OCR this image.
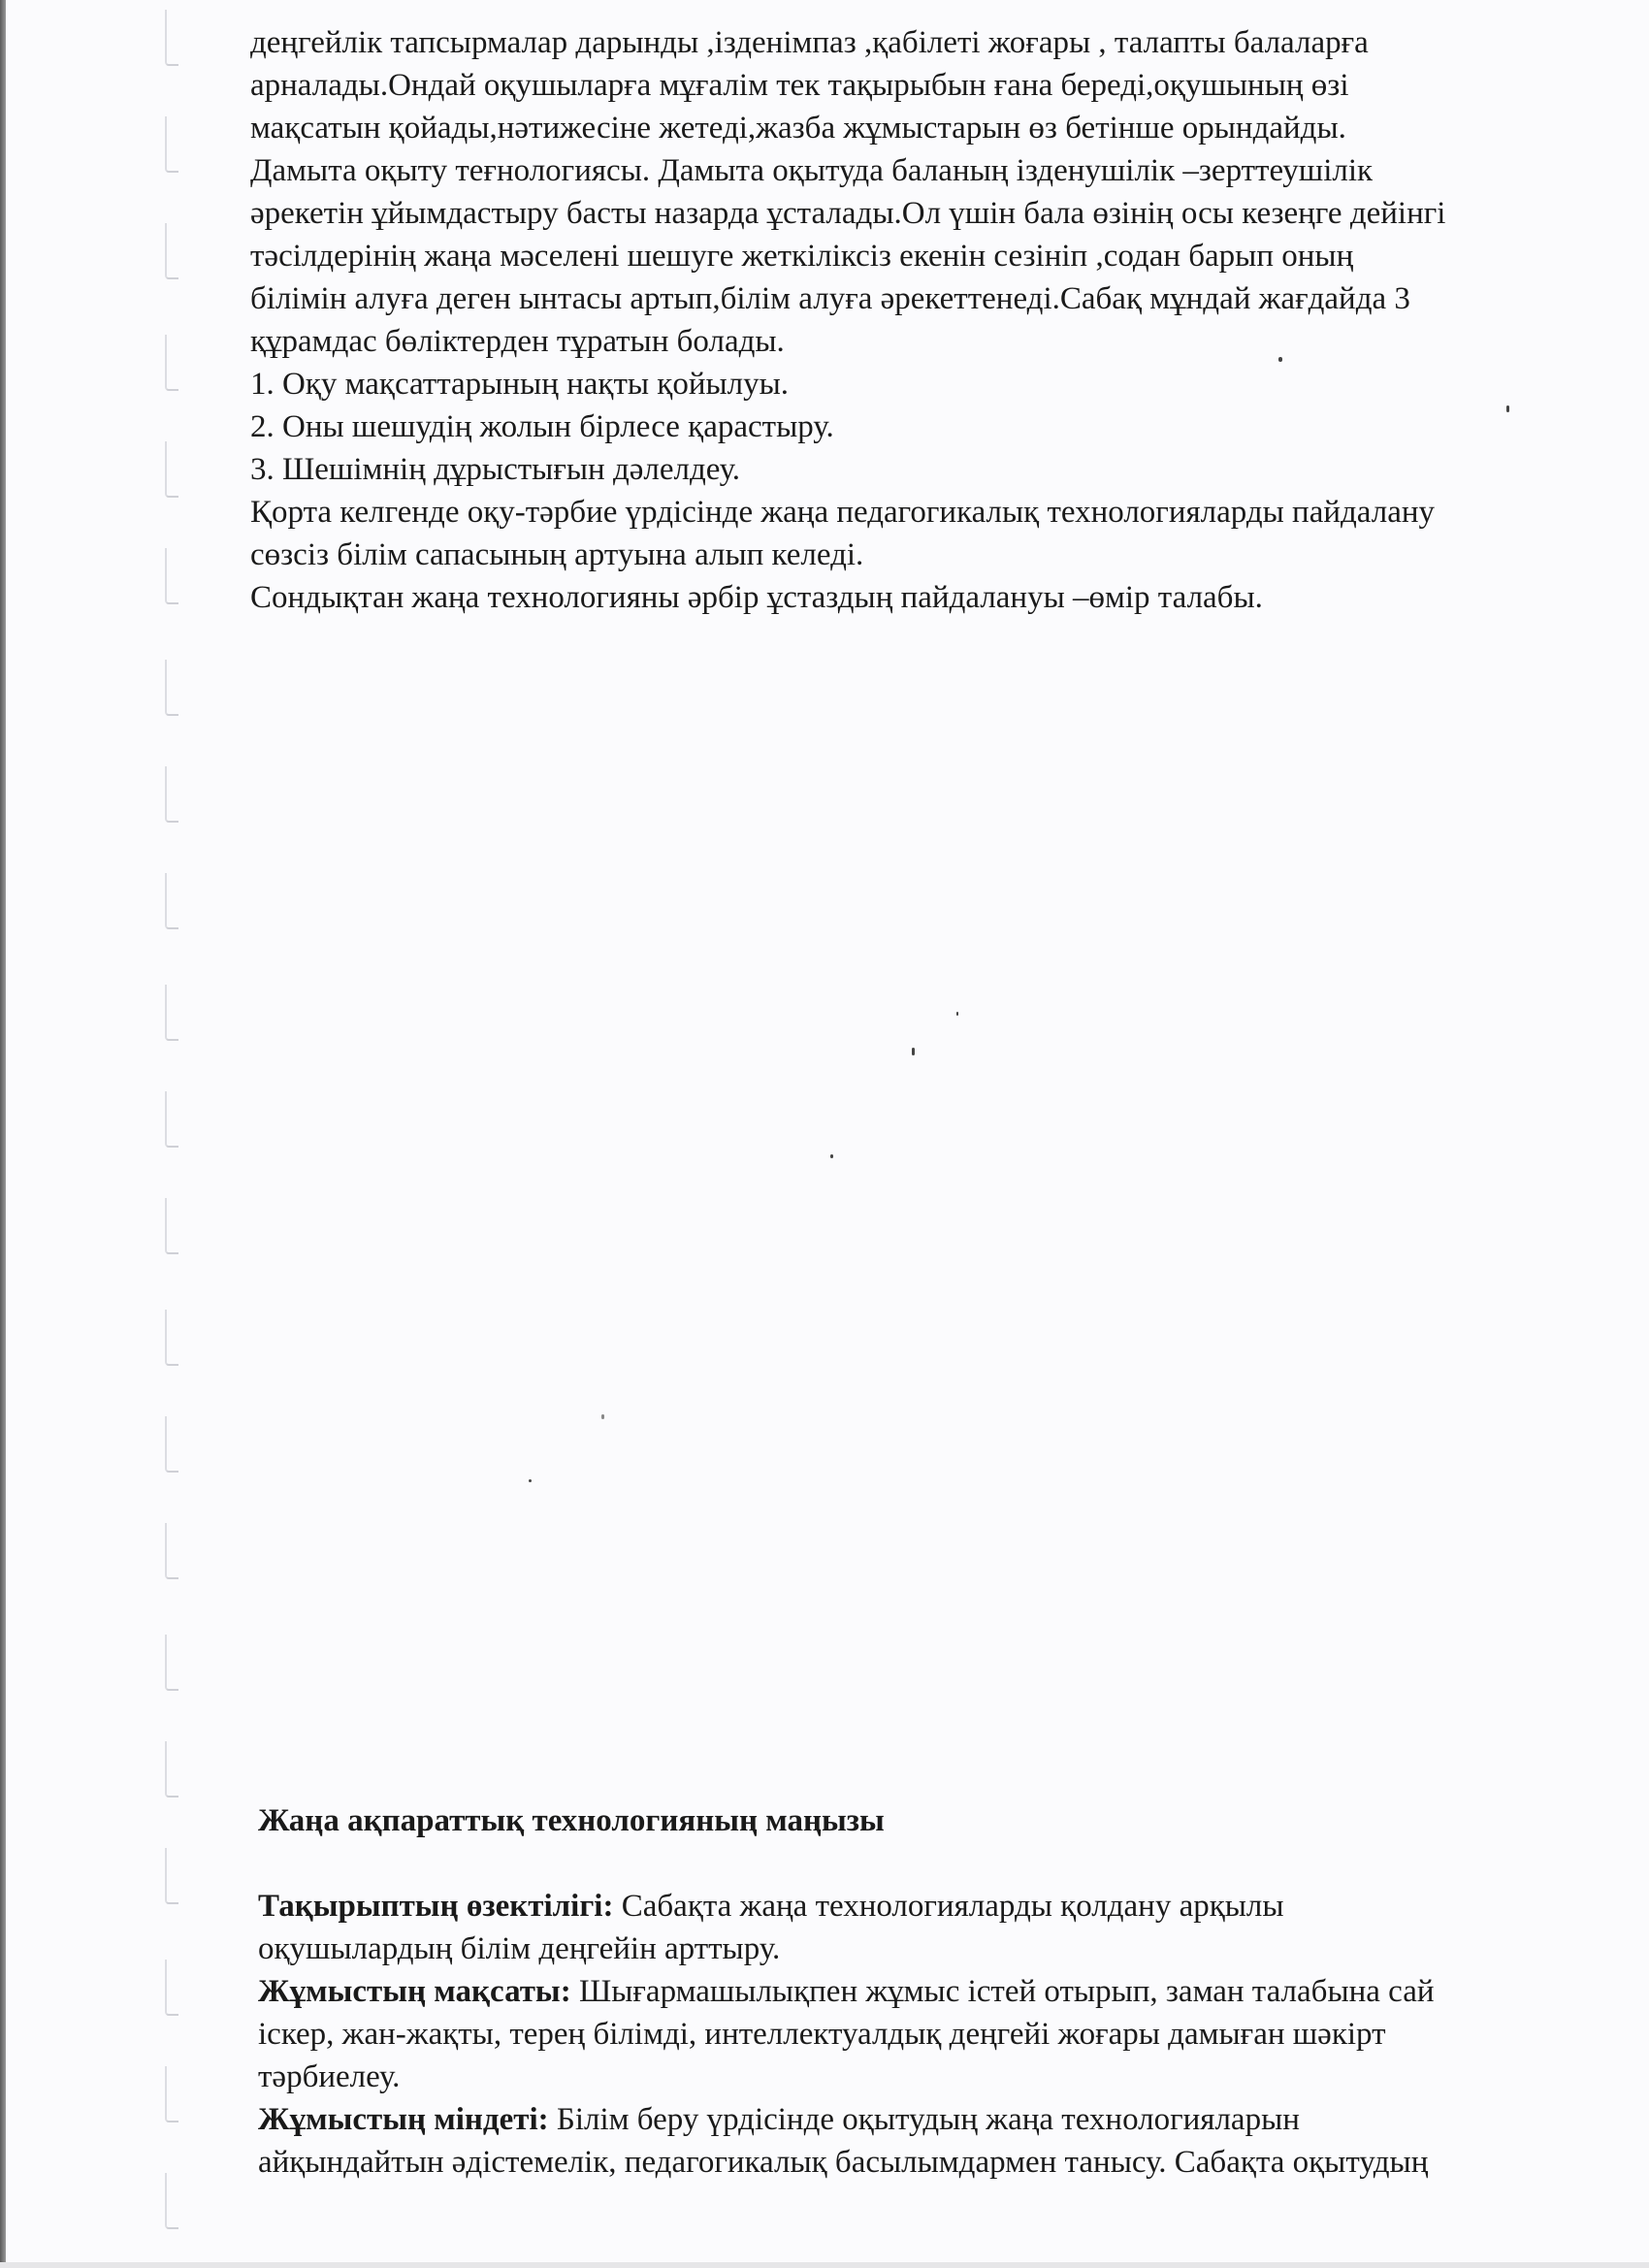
деңгейлік тапсырмалар дарынды ,ізденімпаз ,қабілеті жоғары , талапты балаларға

арналады.Ондай оқушыларға мұғалім тек тақырыбын ғана береді,оқушының өзі

мақсатын қойады,нәтижесіне жетеді,жазба жұмыстарын өз бетінше орындайды.

Дамыта оқыту теғнологиясы. Дамыта оқытуда баланың ізденушілік –зерттеушілік

әрекетін ұйымдастыру басты назарда ұсталады.Ол үшін бала өзінің осы кезеңге дейінгі

тәсілдерінің жаңа мәселені шешуге жеткіліксіз екенін сезініп ,содан барып оның

білімін алуға деген ынтасы артып,білім алуға әрекеттенеді.Сабақ мұндай жағдайда 3

құрамдас бөліктерден тұратын болады.

1. Оқу мақсаттарының нақты қойылуы.

2. Оны шешудің жолын бірлесе қарастыру.

3. Шешімнің дұрыстығын дәлелдеу.

Қорта келгенде оқу-тәрбие үрдісінде жаңа педагогикалық технологияларды пайдалану

сөзсіз білім сапасының артуына алып келеді.

Сондықтан жаңа технологияны әрбір ұстаздың пайдалануы –өмір талабы.

Жаңа ақпараттық технологияның маңызы

Тақырыптың өзектілігі: Сабақта жаңа технологияларды қолдану арқылы
оқушылардың білім деңгейін арттыру.

Жұмыстың мақсаты: Шығармашылықпен жұмыс істей отырып, заман талабына сай
іскер, жан-жақты, терең білімді, интеллектуалдық деңгейі жоғары дамыған шәкірт
тәрбиелеу.

Жұмыстың міндеті: Білім беру үрдісінде оқытудың жаңа технологияларын
айқындайтын әдістемелік, педагогикалық басылымдармен танысу. Сабақта оқытудың
